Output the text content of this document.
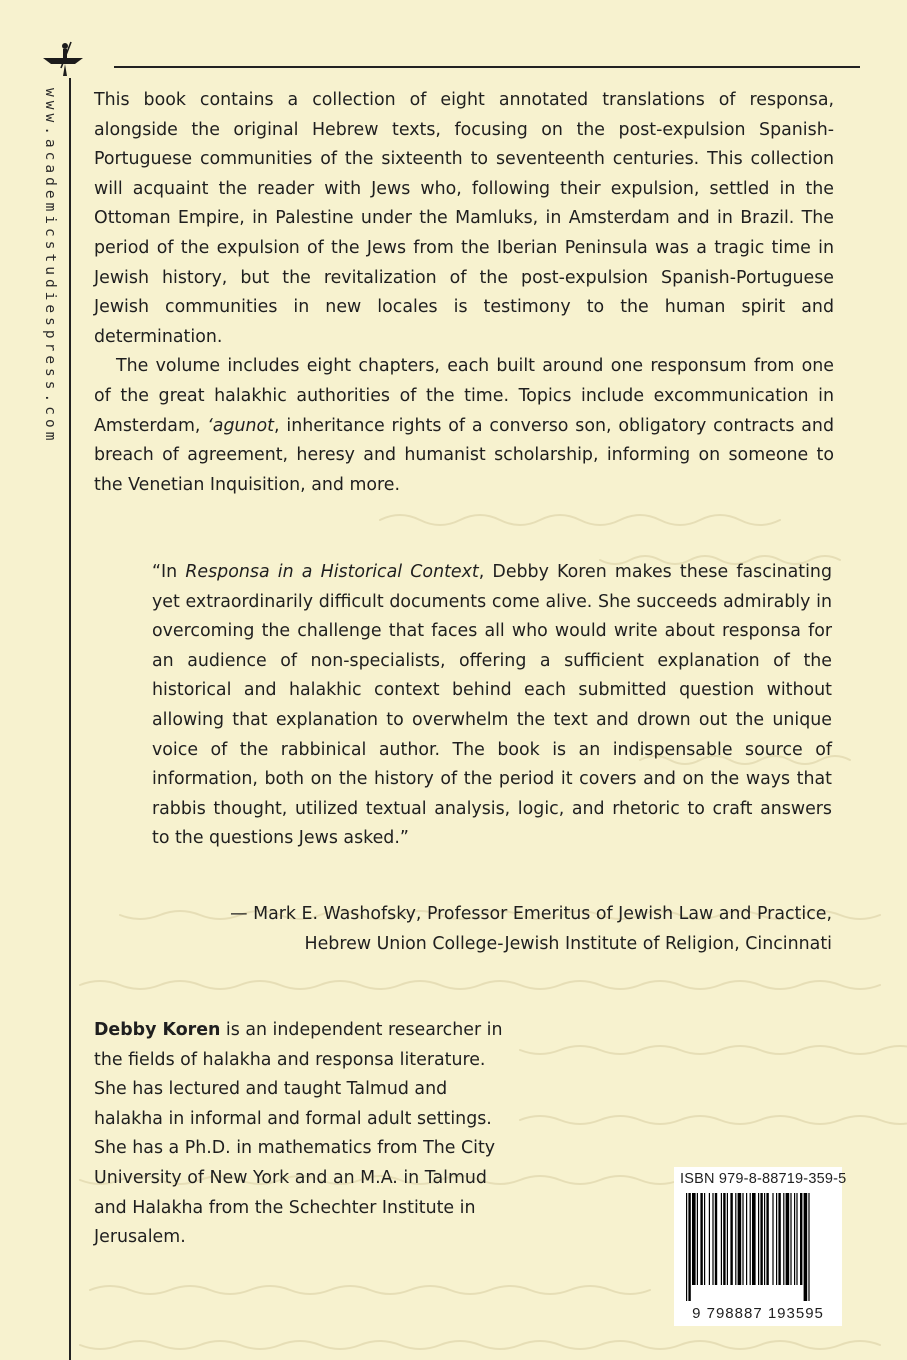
www.academicstudiespress.com This book contains a collection of eight annotated translations of responsa, alongside the original Hebrew texts, focusing on the post-expulsion Spanish-Portuguese communities of the sixteenth to seventeenth centuries. This collection will acquaint the reader with Jews who, following their expulsion, settled in the Ottoman Empire, in Palestine under the Mamluks, in Amsterdam and in Brazil. The period of the expulsion of the Jews from the Iberian Peninsula was a tragic time in Jewish history, but the revitalization of the post-expulsion Spanish-Portuguese Jewish communities in new locales is testimony to the human spirit and determination.

The volume includes eight chapters, each built around one responsum from one of the great halakhic authorities of the time. Topics include excommunication in Amsterdam, ‘agunot, inheritance rights of a converso son, obligatory contracts and breach of agreement, heresy and humanist scholarship, informing on someone to the Venetian Inquisition, and more.

“In Responsa in a Historical Context, Debby Koren makes these fascinating yet extraordinarily difficult documents come alive. She succeeds admirably in overcoming the challenge that faces all who would write about responsa for an audience of non-specialists, offering a sufficient explanation of the historical and halakhic context behind each submitted question without allowing that explanation to overwhelm the text and drown out the unique voice of the rabbinical author. The book is an indispensable source of information, both on the history of the period it covers and on the ways that rabbis thought, utilized textual analysis, logic, and rhetoric to craft answers to the questions Jews asked.”

— Mark E. Washofsky, Professor Emeritus of Jewish Law and Practice,
Hebrew Union College-Jewish Institute of Religion, Cincinnati

Debby Koren is an independent researcher in the fields of halakha and responsa literature. She has lectured and taught Talmud and halakha in informal and formal adult settings. She has a Ph.D. in mathematics from The City University of New York and an M.A. in Talmud and Halakha from the Schechter Institute in Jerusalem.

ISBN 979-8-88719-359-5
9 798887 193595
